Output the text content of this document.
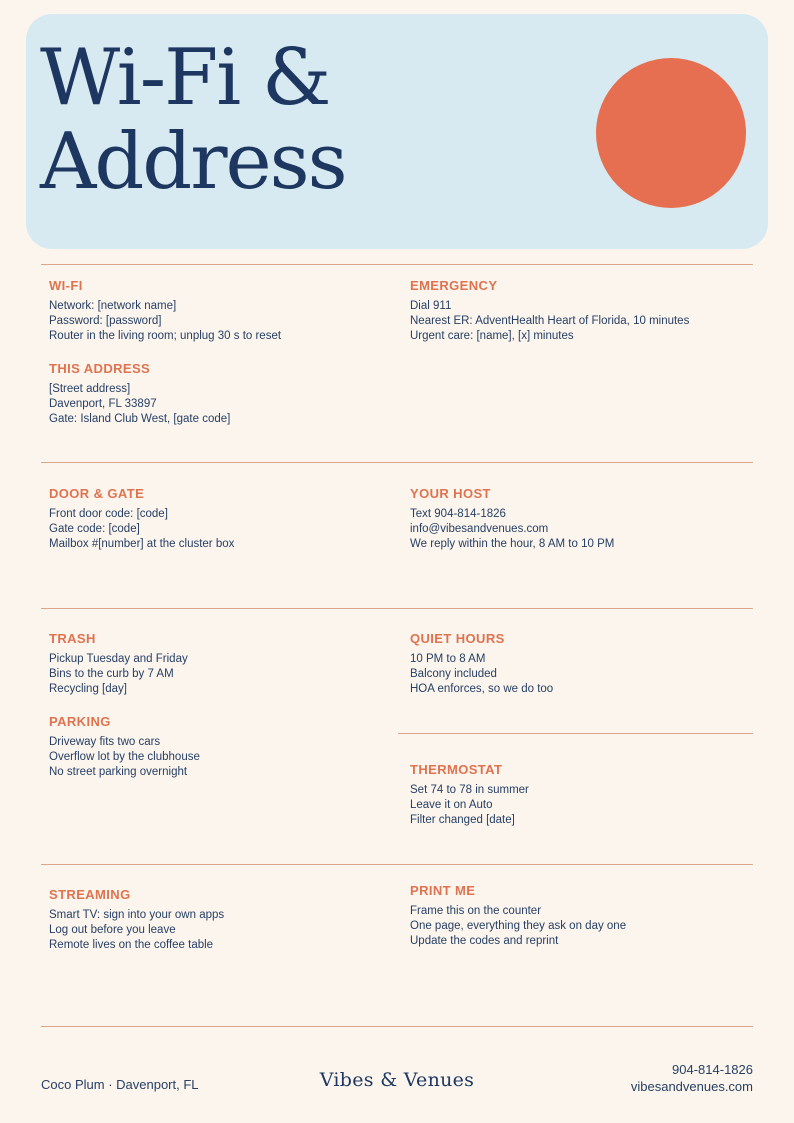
Wi-Fi &
Address
WI-FI
Network: [network name]
Password: [password]
Router in the living room; unplug 30 s to reset
THIS ADDRESS
[Street address]
Davenport, FL 33897
Gate: Island Club West, [gate code]
EMERGENCY
Dial 911
Nearest ER: AdventHealth Heart of Florida, 10 minutes
Urgent care: [name], [x] minutes
DOOR & GATE
Front door code: [code]
Gate code: [code]
Mailbox #[number] at the cluster box
YOUR HOST
Text 904-814-1826
info@vibesandvenues.com
We reply within the hour, 8 AM to 10 PM
TRASH
Pickup Tuesday and Friday
Bins to the curb by 7 AM
Recycling [day]
PARKING
Driveway fits two cars
Overflow lot by the clubhouse
No street parking overnight
QUIET HOURS
10 PM to 8 AM
Balcony included
HOA enforces, so we do too
THERMOSTAT
Set 74 to 78 in summer
Leave it on Auto
Filter changed [date]
STREAMING
Smart TV: sign into your own apps
Log out before you leave
Remote lives on the coffee table
PRINT ME
Frame this on the counter
One page, everything they ask on day one
Update the codes and reprint
Coco Plum · Davenport, FL	Vibes & Venues	904-814-1826
vibesandvenues.com
